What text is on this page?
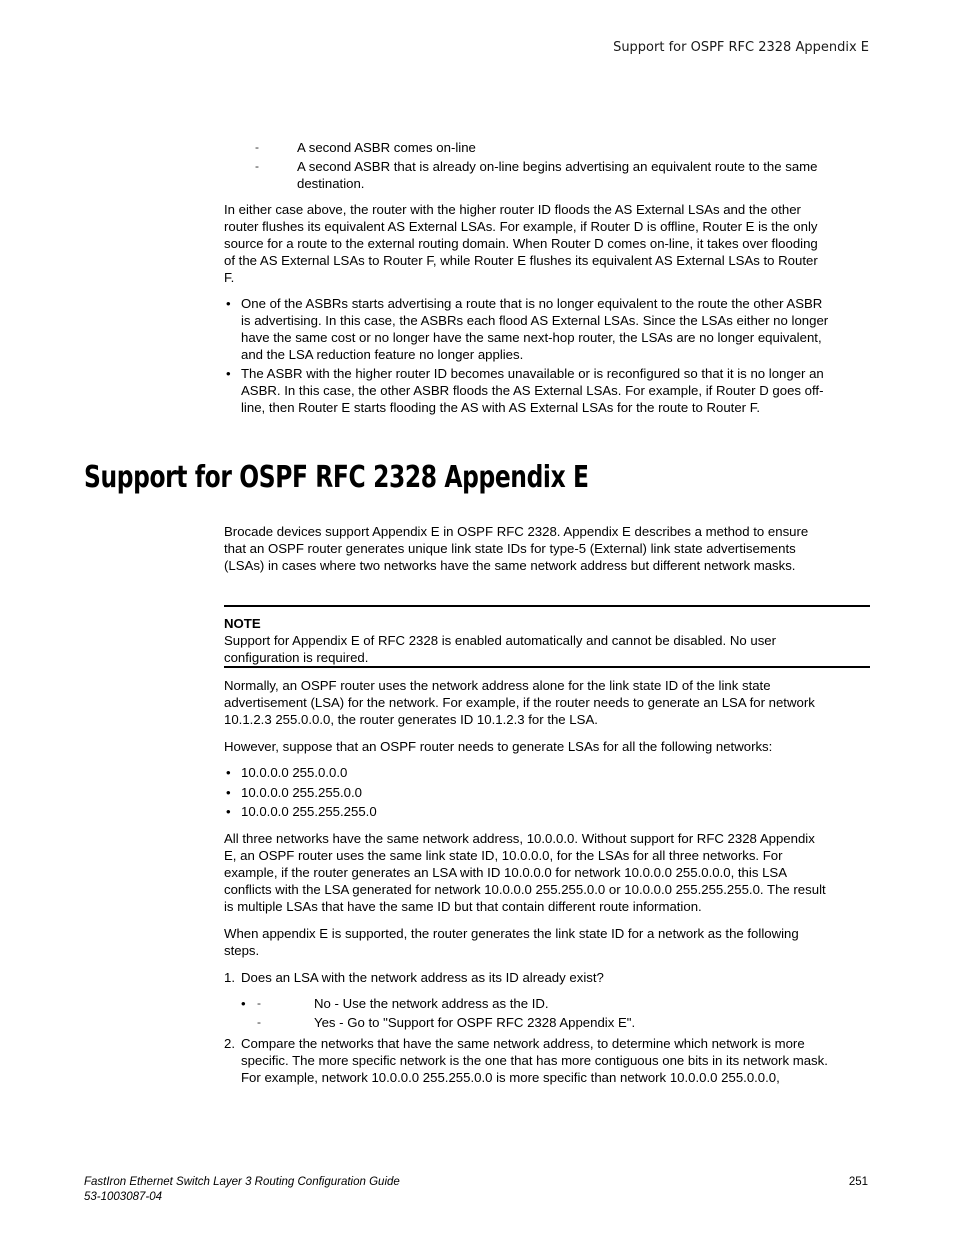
Support for OSPF RFC 2328 Appendix E
-	A second ASBR comes on-line
-	A second ASBR that is already on-line begins advertising an equivalent route to the same
destination.
In either case above, the router with the higher router ID floods the AS External LSAs and the other
router flushes its equivalent AS External LSAs. For example, if Router D is offline, Router E is the only
source for a route to the external routing domain. When Router D comes on-line, it takes over flooding
of the AS External LSAs to Router F, while Router E flushes its equivalent AS External LSAs to Router
F.
• One of the ASBRs starts advertising a route that is no longer equivalent to the route the other ASBR
is advertising. In this case, the ASBRs each flood AS External LSAs. Since the LSAs either no longer
have the same cost or no longer have the same next-hop router, the LSAs are no longer equivalent,
and the LSA reduction feature no longer applies.
• The ASBR with the higher router ID becomes unavailable or is reconfigured so that it is no longer an
ASBR. In this case, the other ASBR floods the AS External LSAs. For example, if Router D goes off-
line, then Router E starts flooding the AS with AS External LSAs for the route to Router F.
Support for OSPF RFC 2328 Appendix E
Brocade devices support Appendix E in OSPF RFC 2328. Appendix E describes a method to ensure
that an OSPF router generates unique link state IDs for type-5 (External) link state advertisements
(LSAs) in cases where two networks have the same network address but different network masks.
NOTE
Support for Appendix E of RFC 2328 is enabled automatically and cannot be disabled. No user
configuration is required.
Normally, an OSPF router uses the network address alone for the link state ID of the link state
advertisement (LSA) for the network. For example, if the router needs to generate an LSA for network
10.1.2.3 255.0.0.0, the router generates ID 10.1.2.3 for the LSA.
However, suppose that an OSPF router needs to generate LSAs for all the following networks:
• 10.0.0.0 255.0.0.0
• 10.0.0.0 255.255.0.0
• 10.0.0.0 255.255.255.0
All three networks have the same network address, 10.0.0.0. Without support for RFC 2328 Appendix
E, an OSPF router uses the same link state ID, 10.0.0.0, for the LSAs for all three networks. For
example, if the router generates an LSA with ID 10.0.0.0 for network 10.0.0.0 255.0.0.0, this LSA
conflicts with the LSA generated for network 10.0.0.0 255.255.0.0 or 10.0.0.0 255.255.255.0. The result
is multiple LSAs that have the same ID but that contain different route information.
When appendix E is supported, the router generates the link state ID for a network as the following
steps.
1. Does an LSA with the network address as its ID already exist?
• -	No - Use the network address as the ID.
-	Yes - Go to "Support for OSPF RFC 2328 Appendix E".
2. Compare the networks that have the same network address, to determine which network is more
specific. The more specific network is the one that has more contiguous one bits in its network mask.
For example, network 10.0.0.0 255.255.0.0 is more specific than network 10.0.0.0 255.0.0.0,
FastIron Ethernet Switch Layer 3 Routing Configuration Guide
53-1003087-04
251
